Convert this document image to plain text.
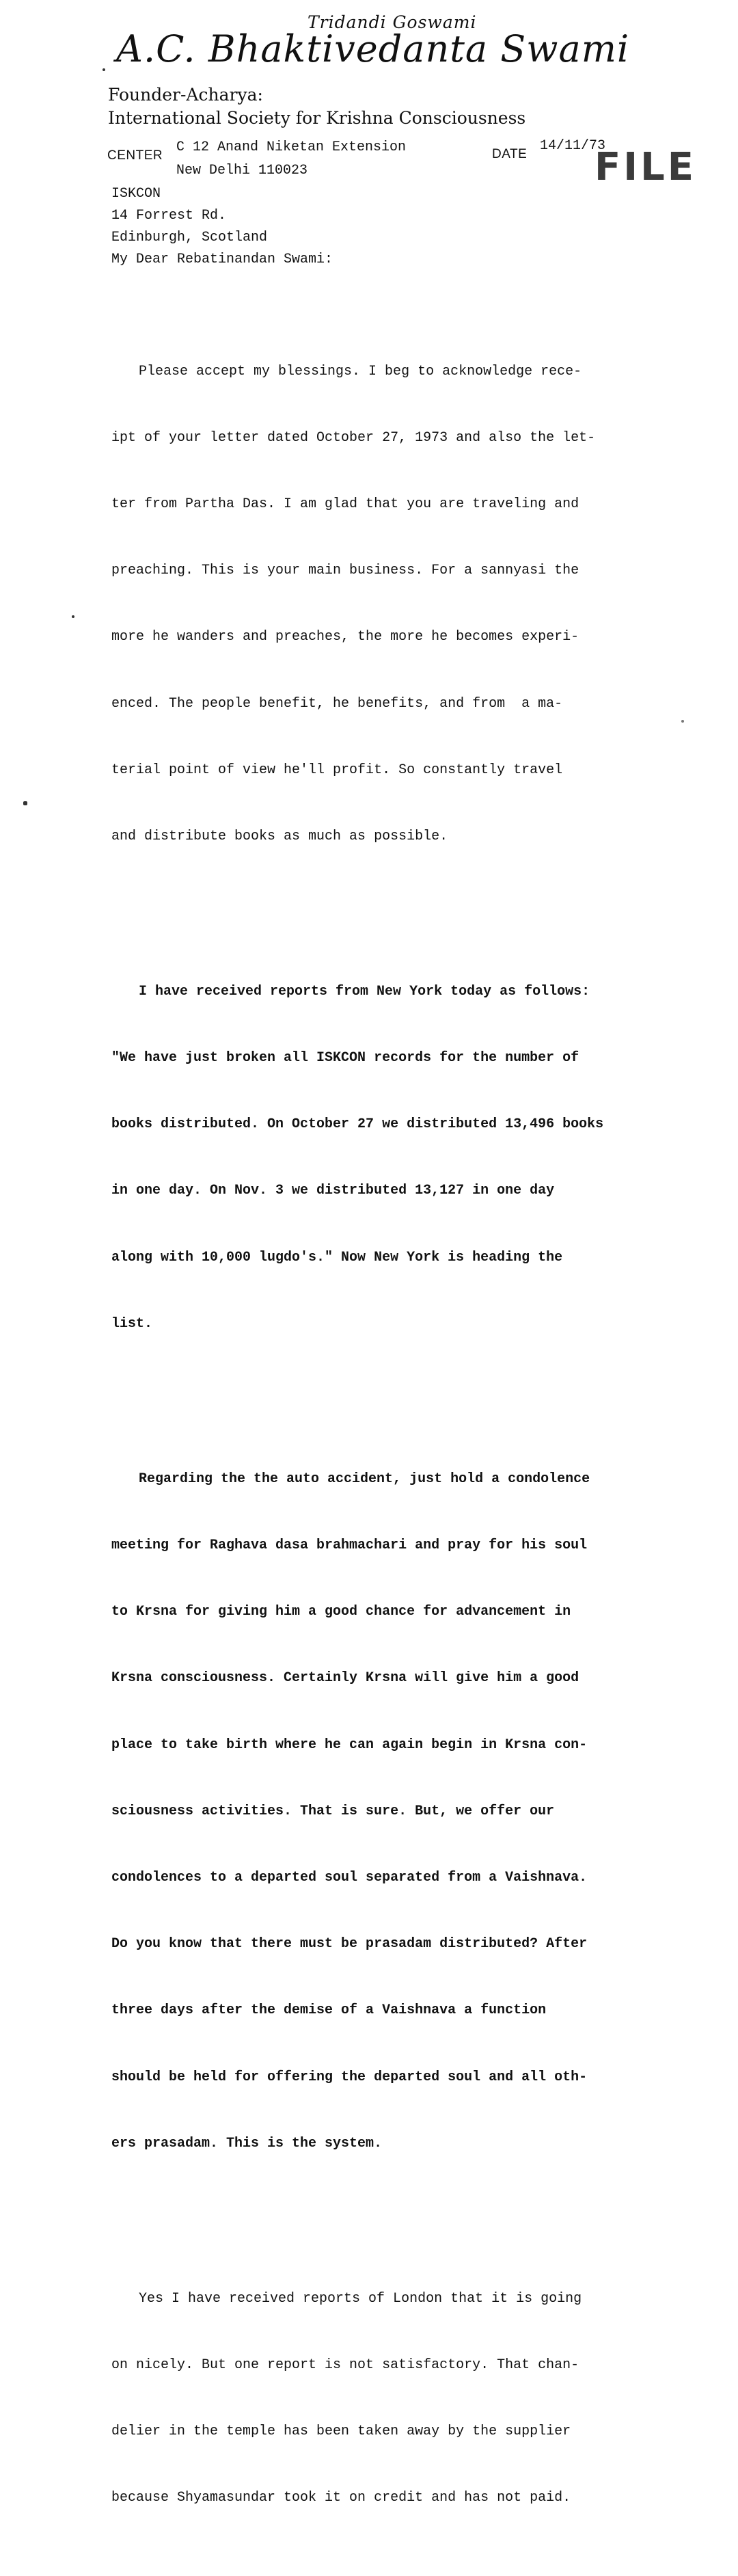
Tridandi Goswami
A.C. Bhaktivedanta Swami
Founder-Acharya:
International Society for Krishna Consciousness
CENTER
C 12 Anand Niketan Extension
New Delhi 110023
DATE
14/11/73
FILE
ISKCON
14 Forrest Rd.
Edinburgh, Scotland
My Dear Rebatinandan Swami:

Please accept my blessings. I beg to acknowledge rece-

ipt of your letter dated October 27, 1973 and also the let-

ter from Partha Das. I am glad that you are traveling and

preaching. This is your main business. For a sannyasi the

more he wanders and preaches, the more he becomes experi-

enced. The people benefit, he benefits, and from  a ma-

terial point of view he'll profit. So constantly travel

and distribute books as much as possible.

I have received reports from New York today as follows:

"We have just broken all ISKCON records for the number of

books distributed. On October 27 we distributed 13,496 books

in one day. On Nov. 3 we distributed 13,127 in one day

along with 10,000 lugdo's." Now New York is heading the

list.

Regarding the the auto accident, just hold a condolence

meeting for Raghava dasa brahmachari and pray for his soul

to Krsna for giving him a good chance for advancement in

Krsna consciousness. Certainly Krsna will give him a good

place to take birth where he can again begin in Krsna con-

sciousness activities. That is sure. But, we offer our

condolences to a departed soul separated from a Vaishnava.

Do you know that there must be prasadam distributed? After

three days after the demise of a Vaishnava a function

should be held for offering the departed soul and all oth-

ers prasadam. This is the system.

Yes I have received reports of London that it is going

on nicely. But one report is not satisfactory. That chan-

delier in the temple has been taken away by the supplier

because Shyamasundar took it on credit and has not paid.
